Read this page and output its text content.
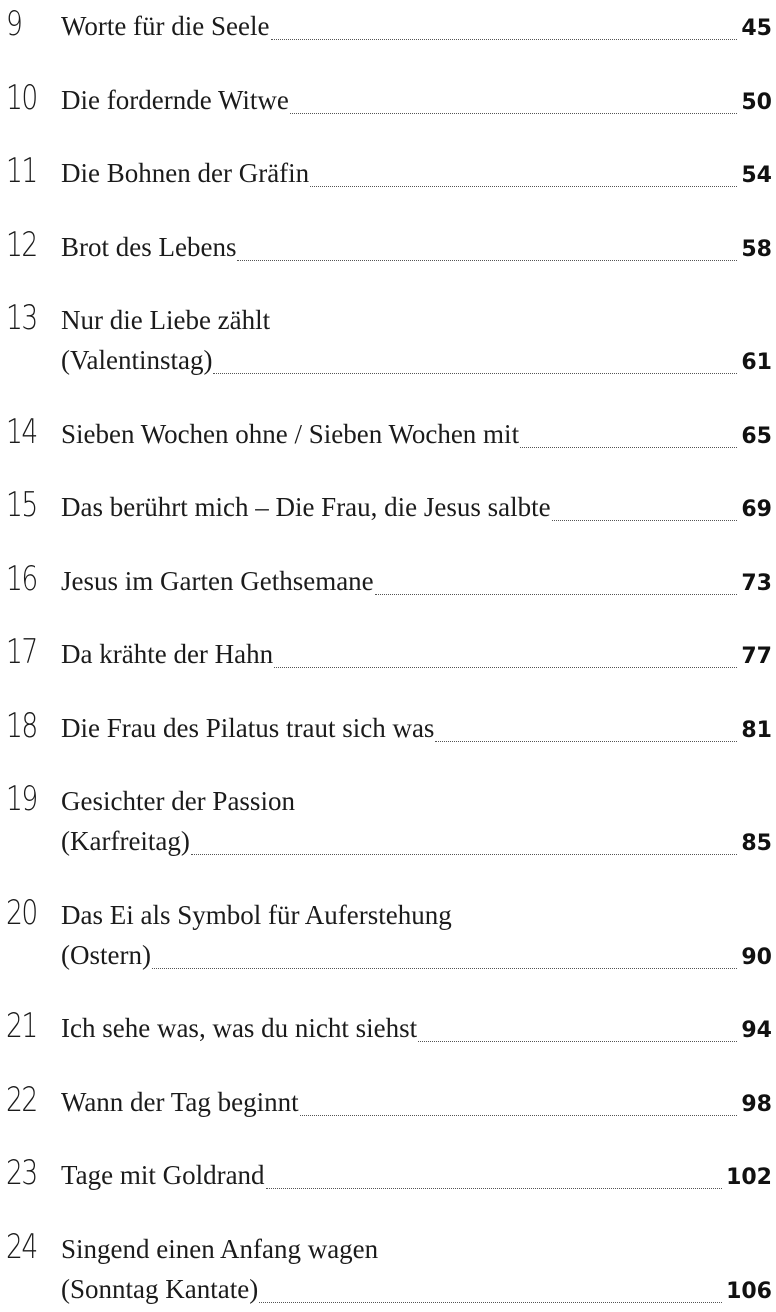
9 Worte für die Seele	45
10 Die fordernde Witwe	50
11 Die Bohnen der Gräfin	54
12 Brot des Lebens	58
13 Nur die Liebe zählt
(Valentinstag)	61
14 Sieben Wochen ohne / Sieben Wochen mit	65
15 Das berührt mich – Die Frau, die Jesus salbte	69
16 Jesus im Garten Gethsemane	73
17 Da krähte der Hahn	77
18 Die Frau des Pilatus traut sich was	81
19 Gesichter der Passion
(Karfreitag)	85
20 Das Ei als Symbol für Auferstehung
(Ostern)	90
21 Ich sehe was, was du nicht siehst	94
22 Wann der Tag beginnt	98
23 Tage mit Goldrand	102
24 Singend einen Anfang wagen
(Sonntag Kantate)	106
